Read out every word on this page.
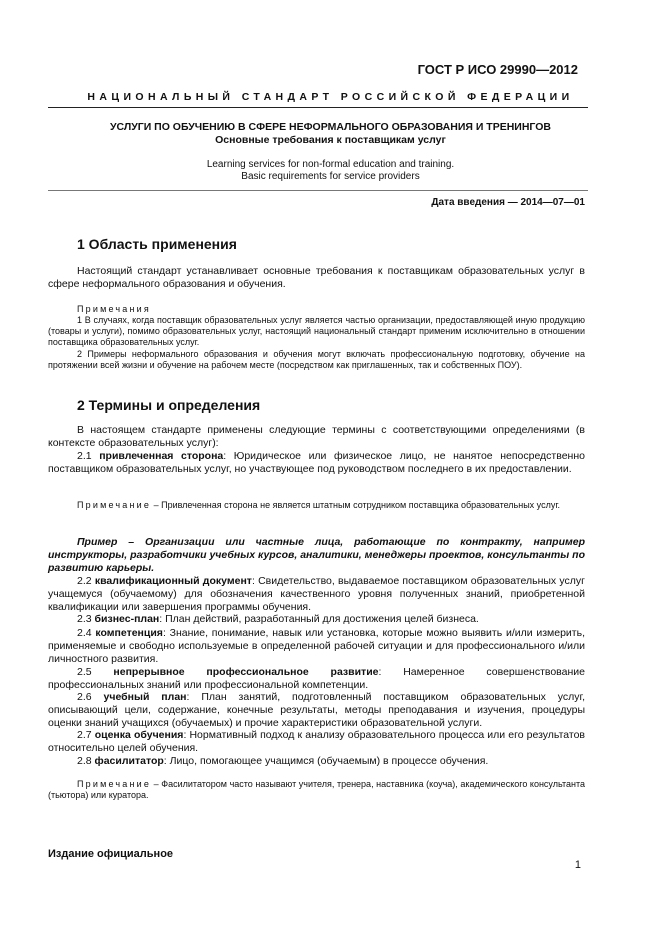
ГОСТ Р ИСО 29990—2012
НАЦИОНАЛЬНЫЙ СТАНДАРТ РОССИЙСКОЙ ФЕДЕРАЦИИ
УСЛУГИ ПО ОБУЧЕНИЮ В СФЕРЕ НЕФОРМАЛЬНОГО ОБРАЗОВАНИЯ И ТРЕНИНГОВ
Основные требования к поставщикам услуг
Learning services for non-formal education and training.
Basic requirements for service providers
Дата введения — 2014—07—01
1 Область применения

Настоящий стандарт устанавливает основные требования к поставщикам образовательных услуг в сфере неформального образования и обучения.

Примечания

1 В случаях, когда поставщик образовательных услуг является частью организации, предоставляющей иную продукцию (товары и услуги), помимо образовательных услуг, настоящий национальный стандарт применим исключительно в отношении поставщика образовательных услуг.

2 Примеры неформального образования и обучения могут включать профессиональную подготовку, обучение на протяжении всей жизни и обучение на рабочем месте (посредством как приглашенных, так и собственных ПОУ).

2 Термины и определения

В настоящем стандарте применены следующие термины с соответствующими определениями (в контексте образовательных услуг):

2.1 привлеченная сторона: Юридическое или физическое лицо, не нанятое непосредственно поставщиком образовательных услуг, но участвующее под руководством последнего в их предоставлении.

Примечание – Привлеченная сторона не является штатным сотрудником поставщика образовательных услуг.

Пример – Организации или частные лица, работающие по контракту, например инструкторы, разработчики учебных курсов, аналитики, менеджеры проектов, консультанты по развитию карьеры.

2.2 квалификационный документ: Свидетельство, выдаваемое поставщиком образовательных услуг учащемуся (обучаемому) для обозначения качественного уровня полученных знаний, приобретенной квалификации или завершения программы обучения.

2.3 бизнес-план: План действий, разработанный для достижения целей бизнеса.

2.4 компетенция: Знание, понимание, навык или установка, которые можно выявить и/или измерить, применяемые и свободно используемые в определенной рабочей ситуации и для профессионального и/или личностного развития.

2.5 непрерывное профессиональное развитие: Намеренное совершенствование профессиональных знаний или профессиональной компетенции.

2.6 учебный план: План занятий, подготовленный поставщиком образовательных услуг, описывающий цели, содержание, конечные результаты, методы преподавания и изучения, процедуры оценки знаний учащихся (обучаемых) и прочие характеристики образовательной услуги.

2.7 оценка обучения: Нормативный подход к анализу образовательного процесса или его результатов относительно целей обучения.

2.8 фасилитатор: Лицо, помогающее учащимся (обучаемым) в процессе обучения.

Примечание – Фасилитатором часто называют учителя, тренера, наставника (коуча), академического консультанта (тьютора) или куратора.

Издание официальное
1
